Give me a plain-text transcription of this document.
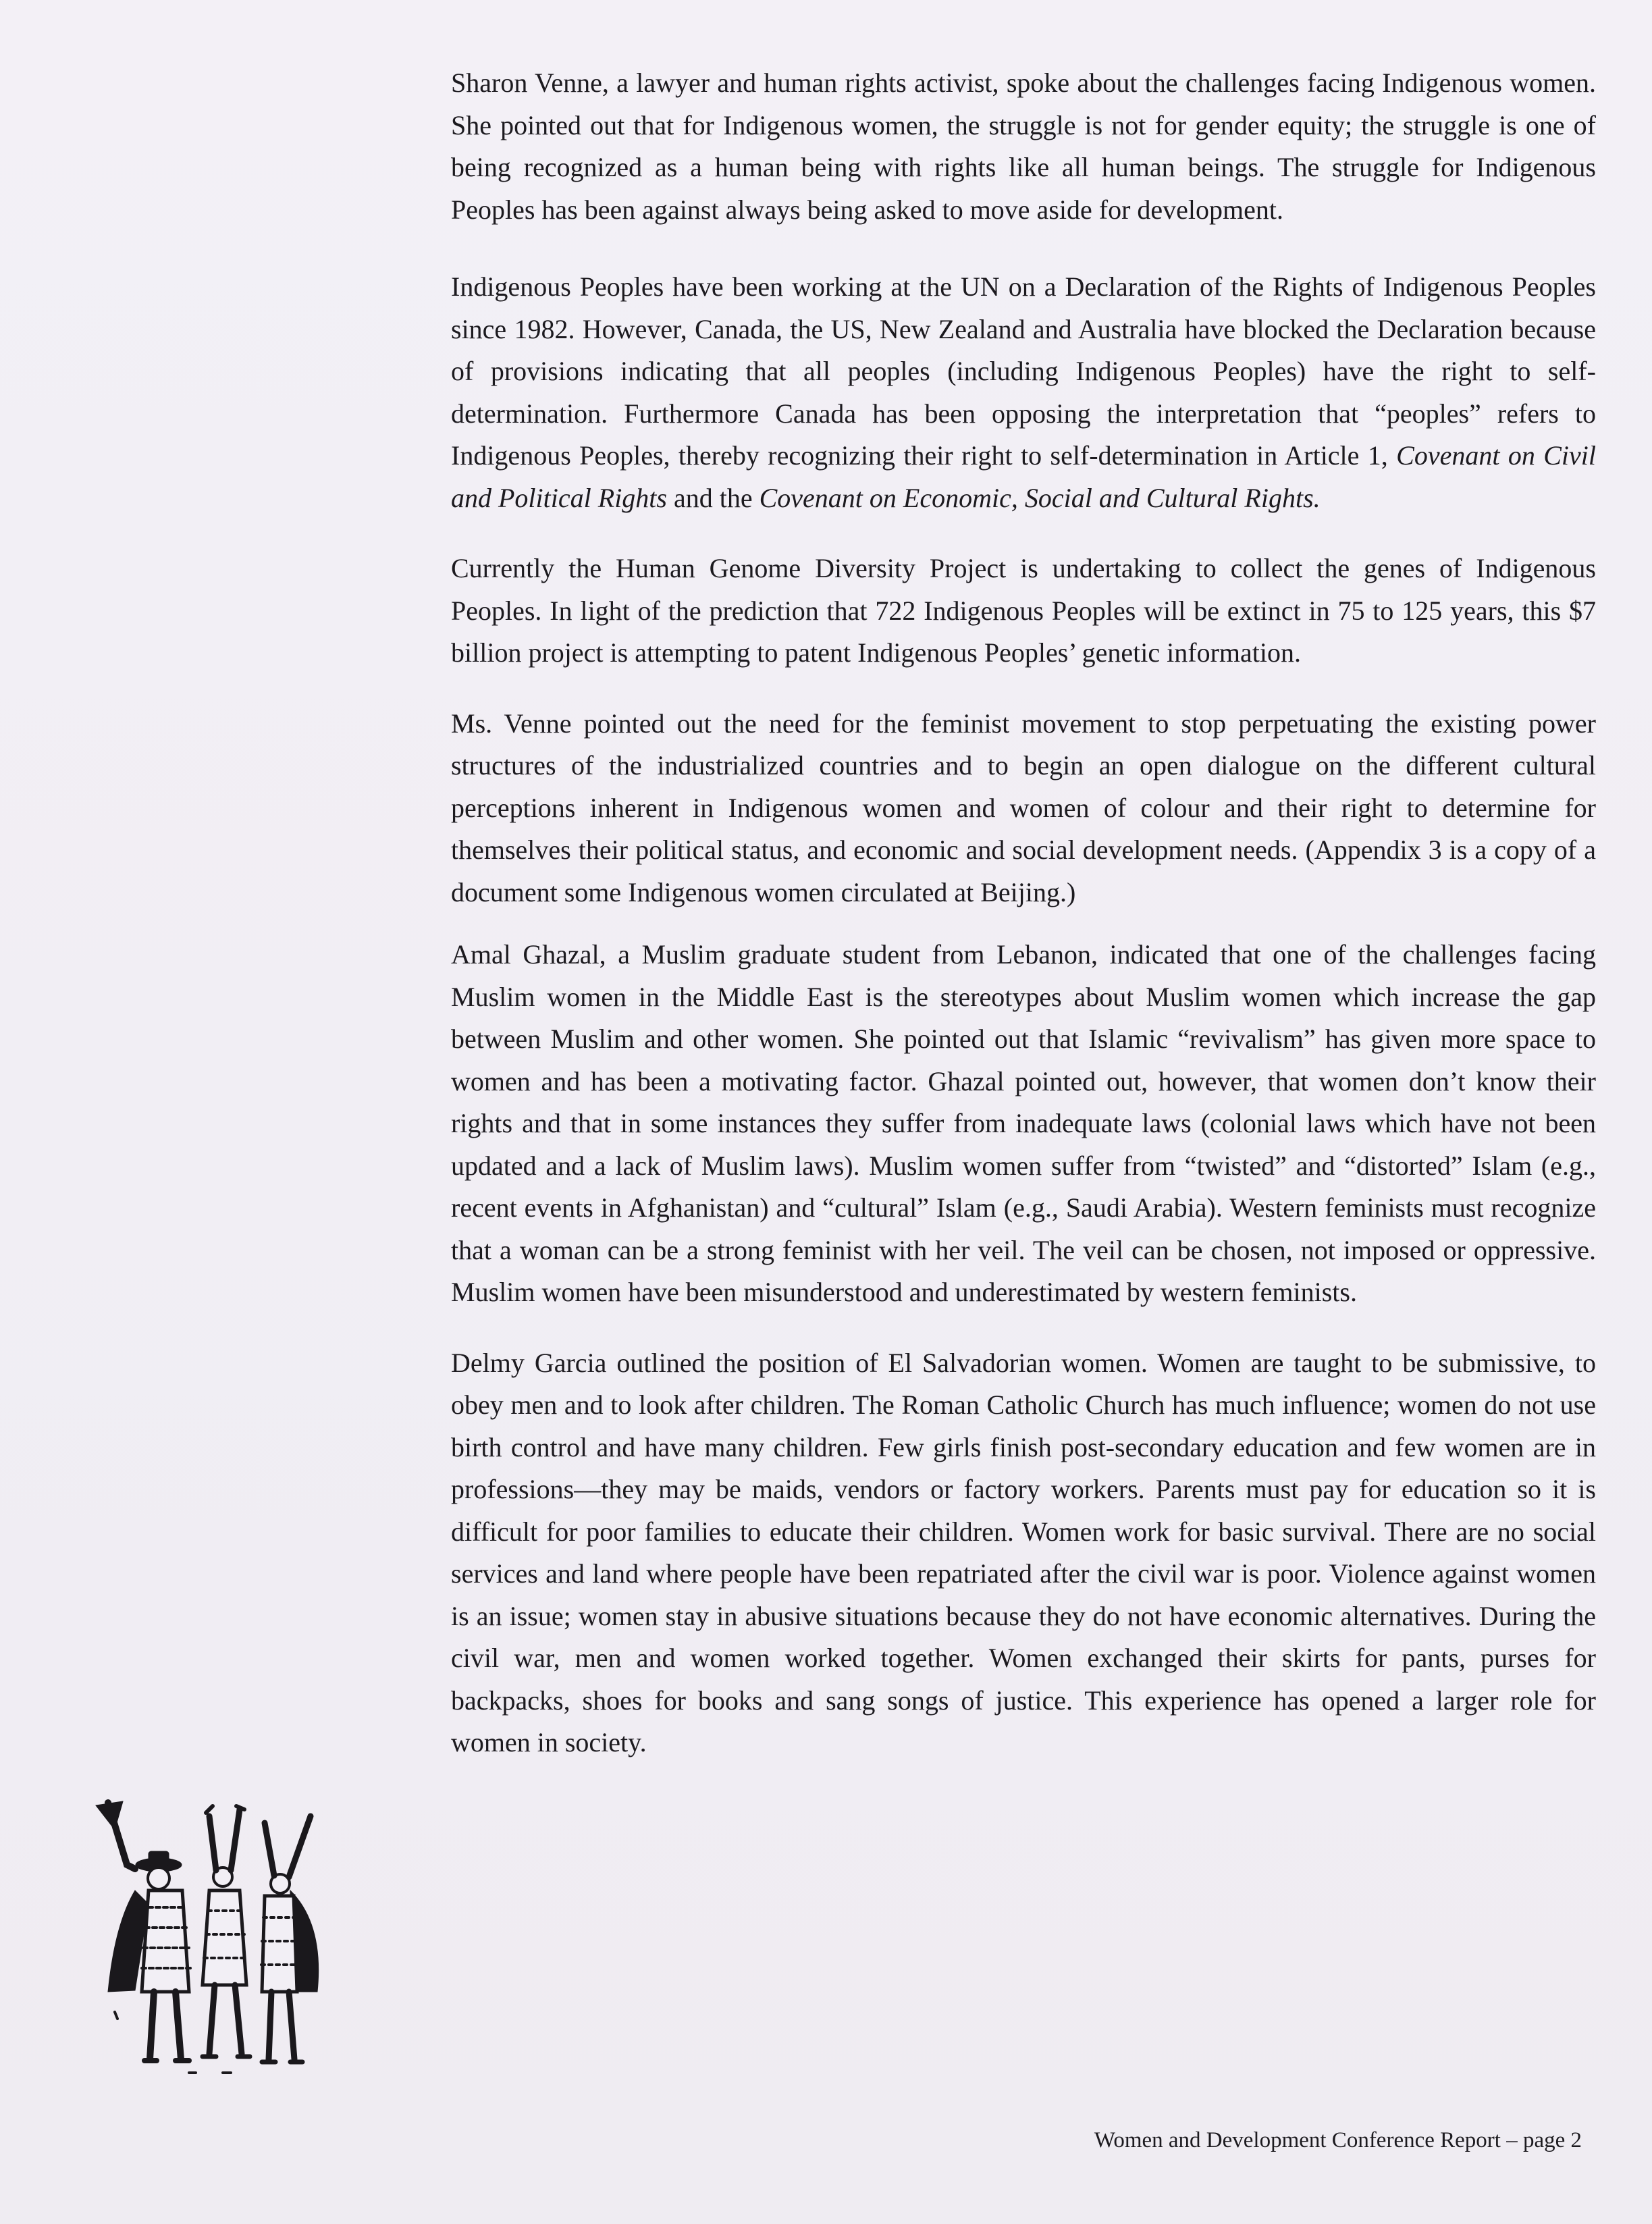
Sharon Venne, a lawyer and human rights activist, spoke about the challenges facing Indigenous women. She pointed out that for Indigenous women, the struggle is not for gender equity; the struggle is one of being recognized as a human being with rights like all human beings. The struggle for Indigenous Peoples has been against always being asked to move aside for development.

Indigenous Peoples have been working at the UN on a Declaration of the Rights of Indigenous Peoples since 1982. However, Canada, the US, New Zealand and Australia have blocked the Declaration because of provisions indicating that all peoples (including Indigenous Peoples) have the right to self-determination. Furthermore Canada has been opposing the interpretation that “peoples” refers to Indigenous Peoples, thereby recognizing their right to self-determination in Article 1, Covenant on Civil and Political Rights and the Covenant on Economic, Social and Cultural Rights.

Currently the Human Genome Diversity Project is undertaking to collect the genes of Indigenous Peoples. In light of the prediction that 722 Indigenous Peoples will be extinct in 75 to 125 years, this $7 billion project is attempting to patent Indigenous Peoples’ genetic information.

Ms. Venne pointed out the need for the feminist movement to stop perpetuating the existing power structures of the industrialized countries and to begin an open dialogue on the different cultural perceptions inherent in Indigenous women and women of colour and their right to determine for themselves their political status, and economic and social development needs. (Appendix 3 is a copy of a document some Indigenous women circulated at Beijing.)

Amal Ghazal, a Muslim graduate student from Lebanon, indicated that one of the challenges facing Muslim women in the Middle East is the stereotypes about Muslim women which increase the gap between Muslim and other women. She pointed out that Islamic “revivalism” has given more space to women and has been a motivating factor. Ghazal pointed out, however, that women don’t know their rights and that in some instances they suffer from inadequate laws (colonial laws which have not been updated and a lack of Muslim laws). Muslim women suffer from “twisted” and “distorted” Islam (e.g., recent events in Afghanistan) and “cultural” Islam (e.g., Saudi Arabia). Western feminists must recognize that a woman can be a strong feminist with her veil. The veil can be chosen, not imposed or oppressive. Muslim women have been misunderstood and underestimated by western feminists.

Delmy Garcia outlined the position of El Salvadorian women. Women are taught to be submissive, to obey men and to look after children. The Roman Catholic Church has much influence; women do not use birth control and have many children. Few girls finish post-secondary education and few women are in professions—they may be maids, vendors or factory workers. Parents must pay for education so it is difficult for poor families to educate their children. Women work for basic survival. There are no social services and land where people have been repatriated after the civil war is poor. Violence against women is an issue; women stay in abusive situations because they do not have economic alternatives. During the civil war, men and women worked together. Women exchanged their skirts for pants, purses for backpacks, shoes for books and sang songs of justice. This experience has opened a larger role for women in society.

Women and Development Conference Report – page 2
